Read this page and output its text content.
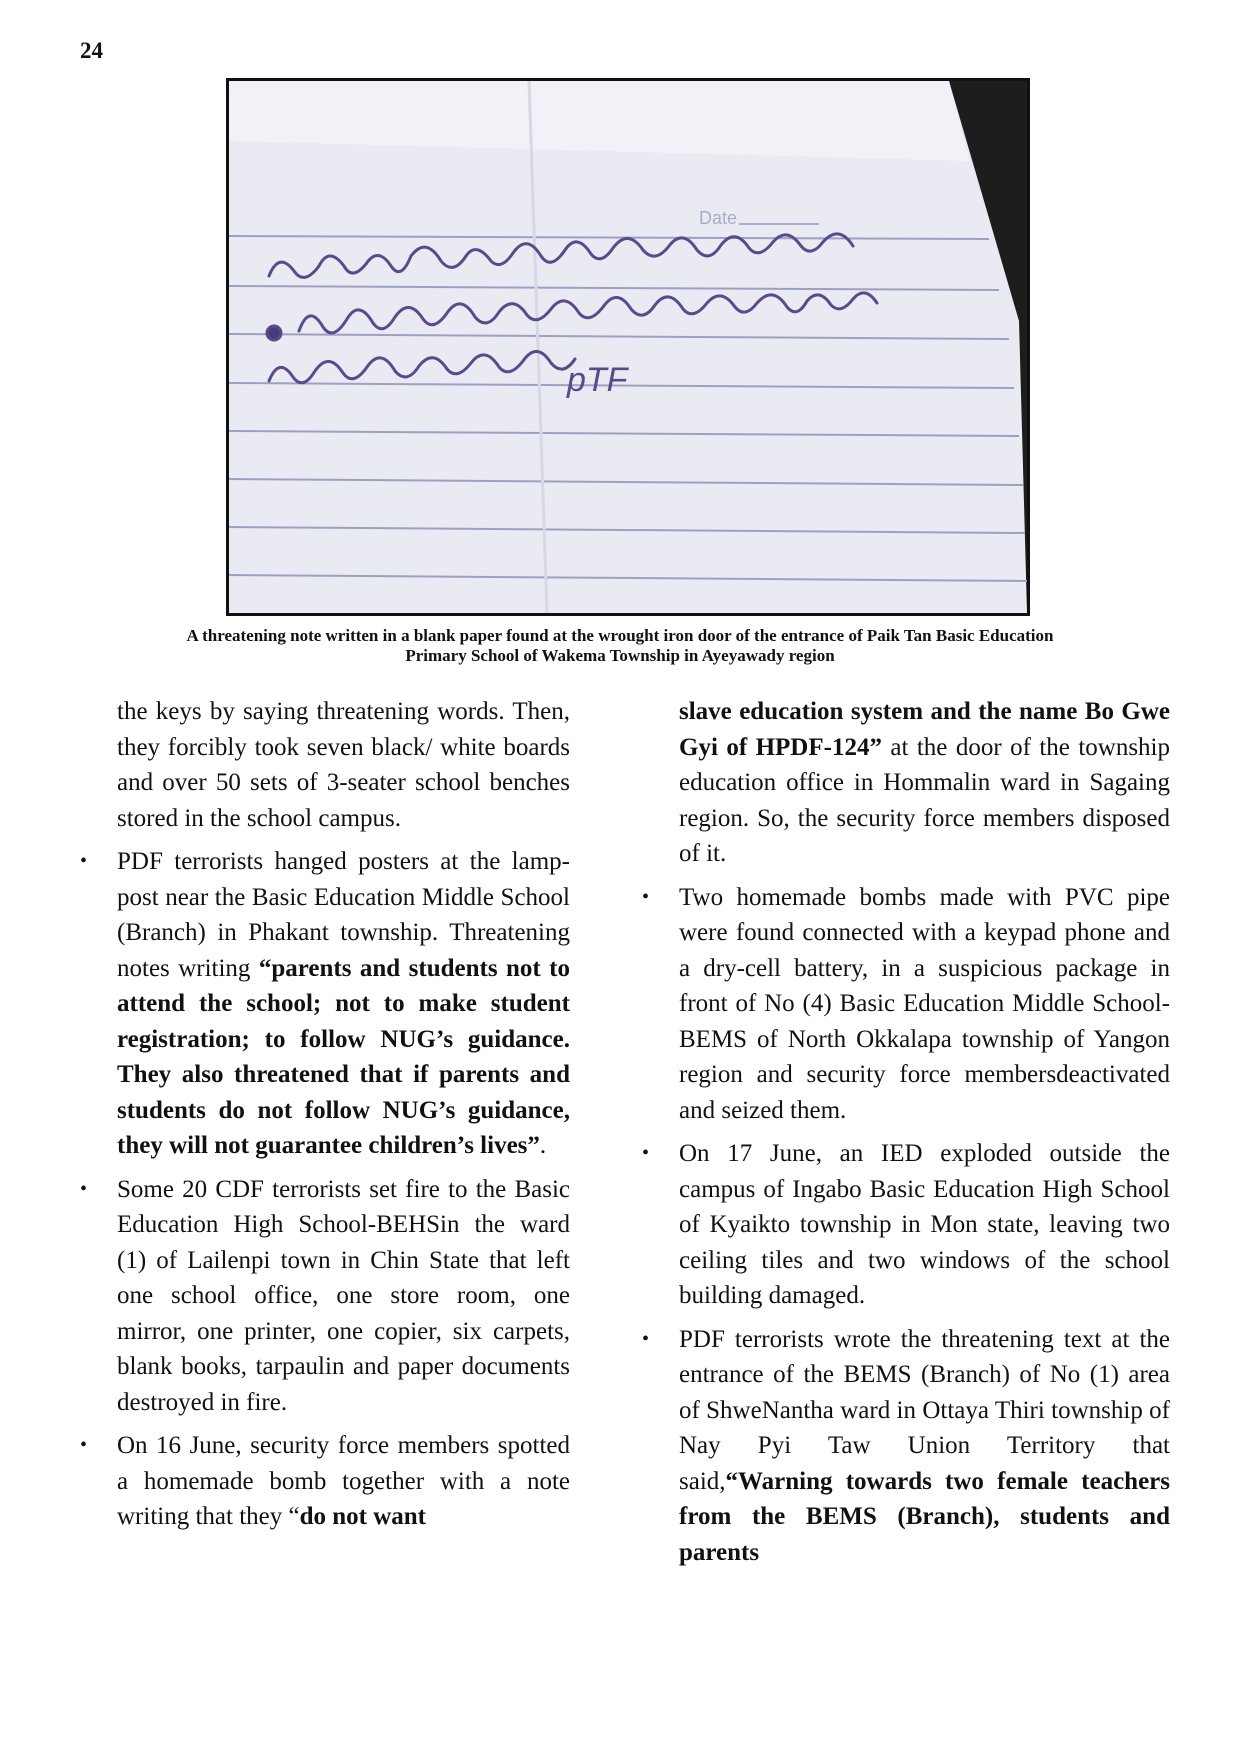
24
Date
pTF
A threatening note written in a blank paper found at the wrought iron door of the entrance of Paik Tan Basic Education
Primary School of Wakema Township in Ayeyawady region

the keys by saying threatening words. Then, they forcibly took seven black/ white boards and over 50 sets of 3-seater school benches stored in the school campus.

• PDF terrorists hanged posters at the lamp-post near the Basic Education Middle School (Branch) in Phakant township. Threatening notes writing “parents and students not to attend the school; not to make student registration; to follow NUG’s guidance. They also threatened that if parents and students do not follow NUG’s guidance, they will not guarantee children’s lives”.
• Some 20 CDF terrorists set fire to the Basic Education High School-BEHSin the ward (1) of Lailenpi town in Chin State that left one school office, one store room, one mirror, one printer, one copier, six carpets, blank books, tarpaulin and paper documents destroyed in fire.
• On 16 June, security force members spotted a homemade bomb together with a note writing that they “do not want

slave education system and the name Bo Gwe Gyi of HPDF-124” at the door of the township education office in Hommalin ward in Sagaing region. So, the security force members disposed of it.

• Two homemade bombs made with PVC pipe were found connected with a keypad phone and a dry-cell battery, in a suspicious package in front of No (4) Basic Education Middle School-BEMS of North Okkalapa township of Yangon region and security force membersdeactivated and seized them.
• On 17 June, an IED exploded outside the campus of Ingabo Basic Education High School of Kyaikto township in Mon state, leaving two ceiling tiles and two windows of the school building damaged.
• PDF terrorists wrote the threatening text at the entrance of the BEMS (Branch) of No (1) area of ShweNantha ward in Ottaya Thiri township of Nay Pyi Taw Union Territory that said,“Warning towards two female teachers from the BEMS (Branch), students and parents
